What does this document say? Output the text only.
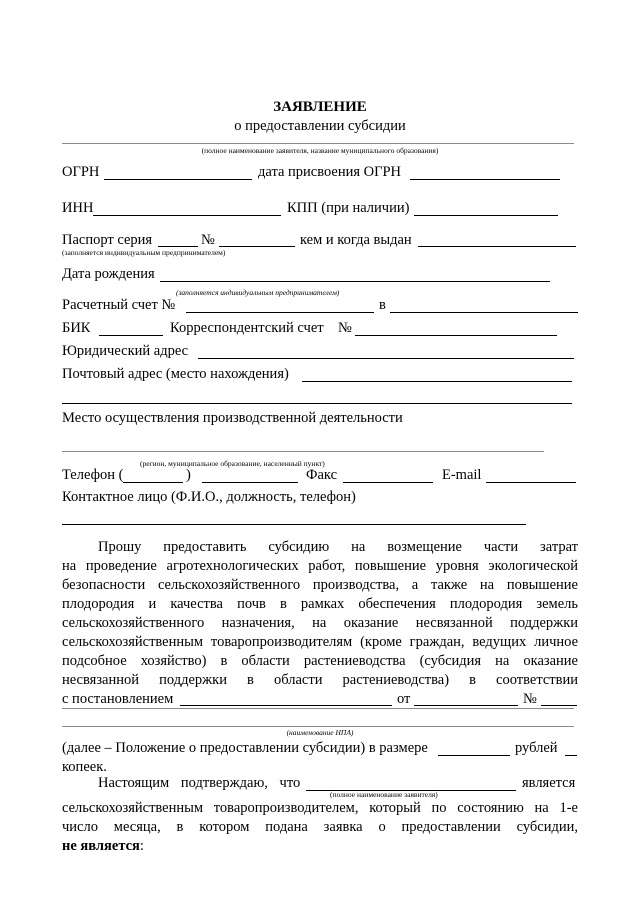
ЗАЯВЛЕНИЕ
о предоставлении субсидии
(полное наименование заявителя, название муниципального образования)
ОГРН	дата присвоения ОГРН
ИНН	КПП (при наличии)
Паспорт серия	№	кем и когда выдан
(заполняется индивидуальным предпринимателем)
Дата рождения
(заполняется индивидуальным предпринимателем)
Расчетный счет №	в
БИК	Корреспондентский счет №
Юридический адрес
Почтовый адрес (место нахождения)
Место осуществления производственной деятельности
(регион, муниципальное образование, населенный пункт)
Телефон (	)	Факс	E-mail
Контактное лицо (Ф.И.О., должность, телефон)
Прошу предоставить субсидию на возмещение части затрат
на проведение агротехнологических работ, повышение уровня экологической
безопасности сельскохозяйственного производства, а также на повышение
плодородия и качества почв в рамках обеспечения плодородия земель
сельскохозяйственного назначения, на оказание несвязанной поддержки
сельскохозяйственным товаропроизводителям (кроме граждан, ведущих личное
подсобное хозяйство) в области растениеводства (субсидия на оказание
несвязанной поддержки в области растениеводства) в соответствии
с постановлением	от	№
(наименование НПА)
(далее – Положение о предоставлении субсидии) в размере	рублей
копеек.
Настоящим подтверждаю, что	является
(полное наименование заявителя)
сельскохозяйственным товаропроизводителем, который по состоянию на 1-е
число месяца, в котором подана заявка о предоставлении субсидии,
не является:
